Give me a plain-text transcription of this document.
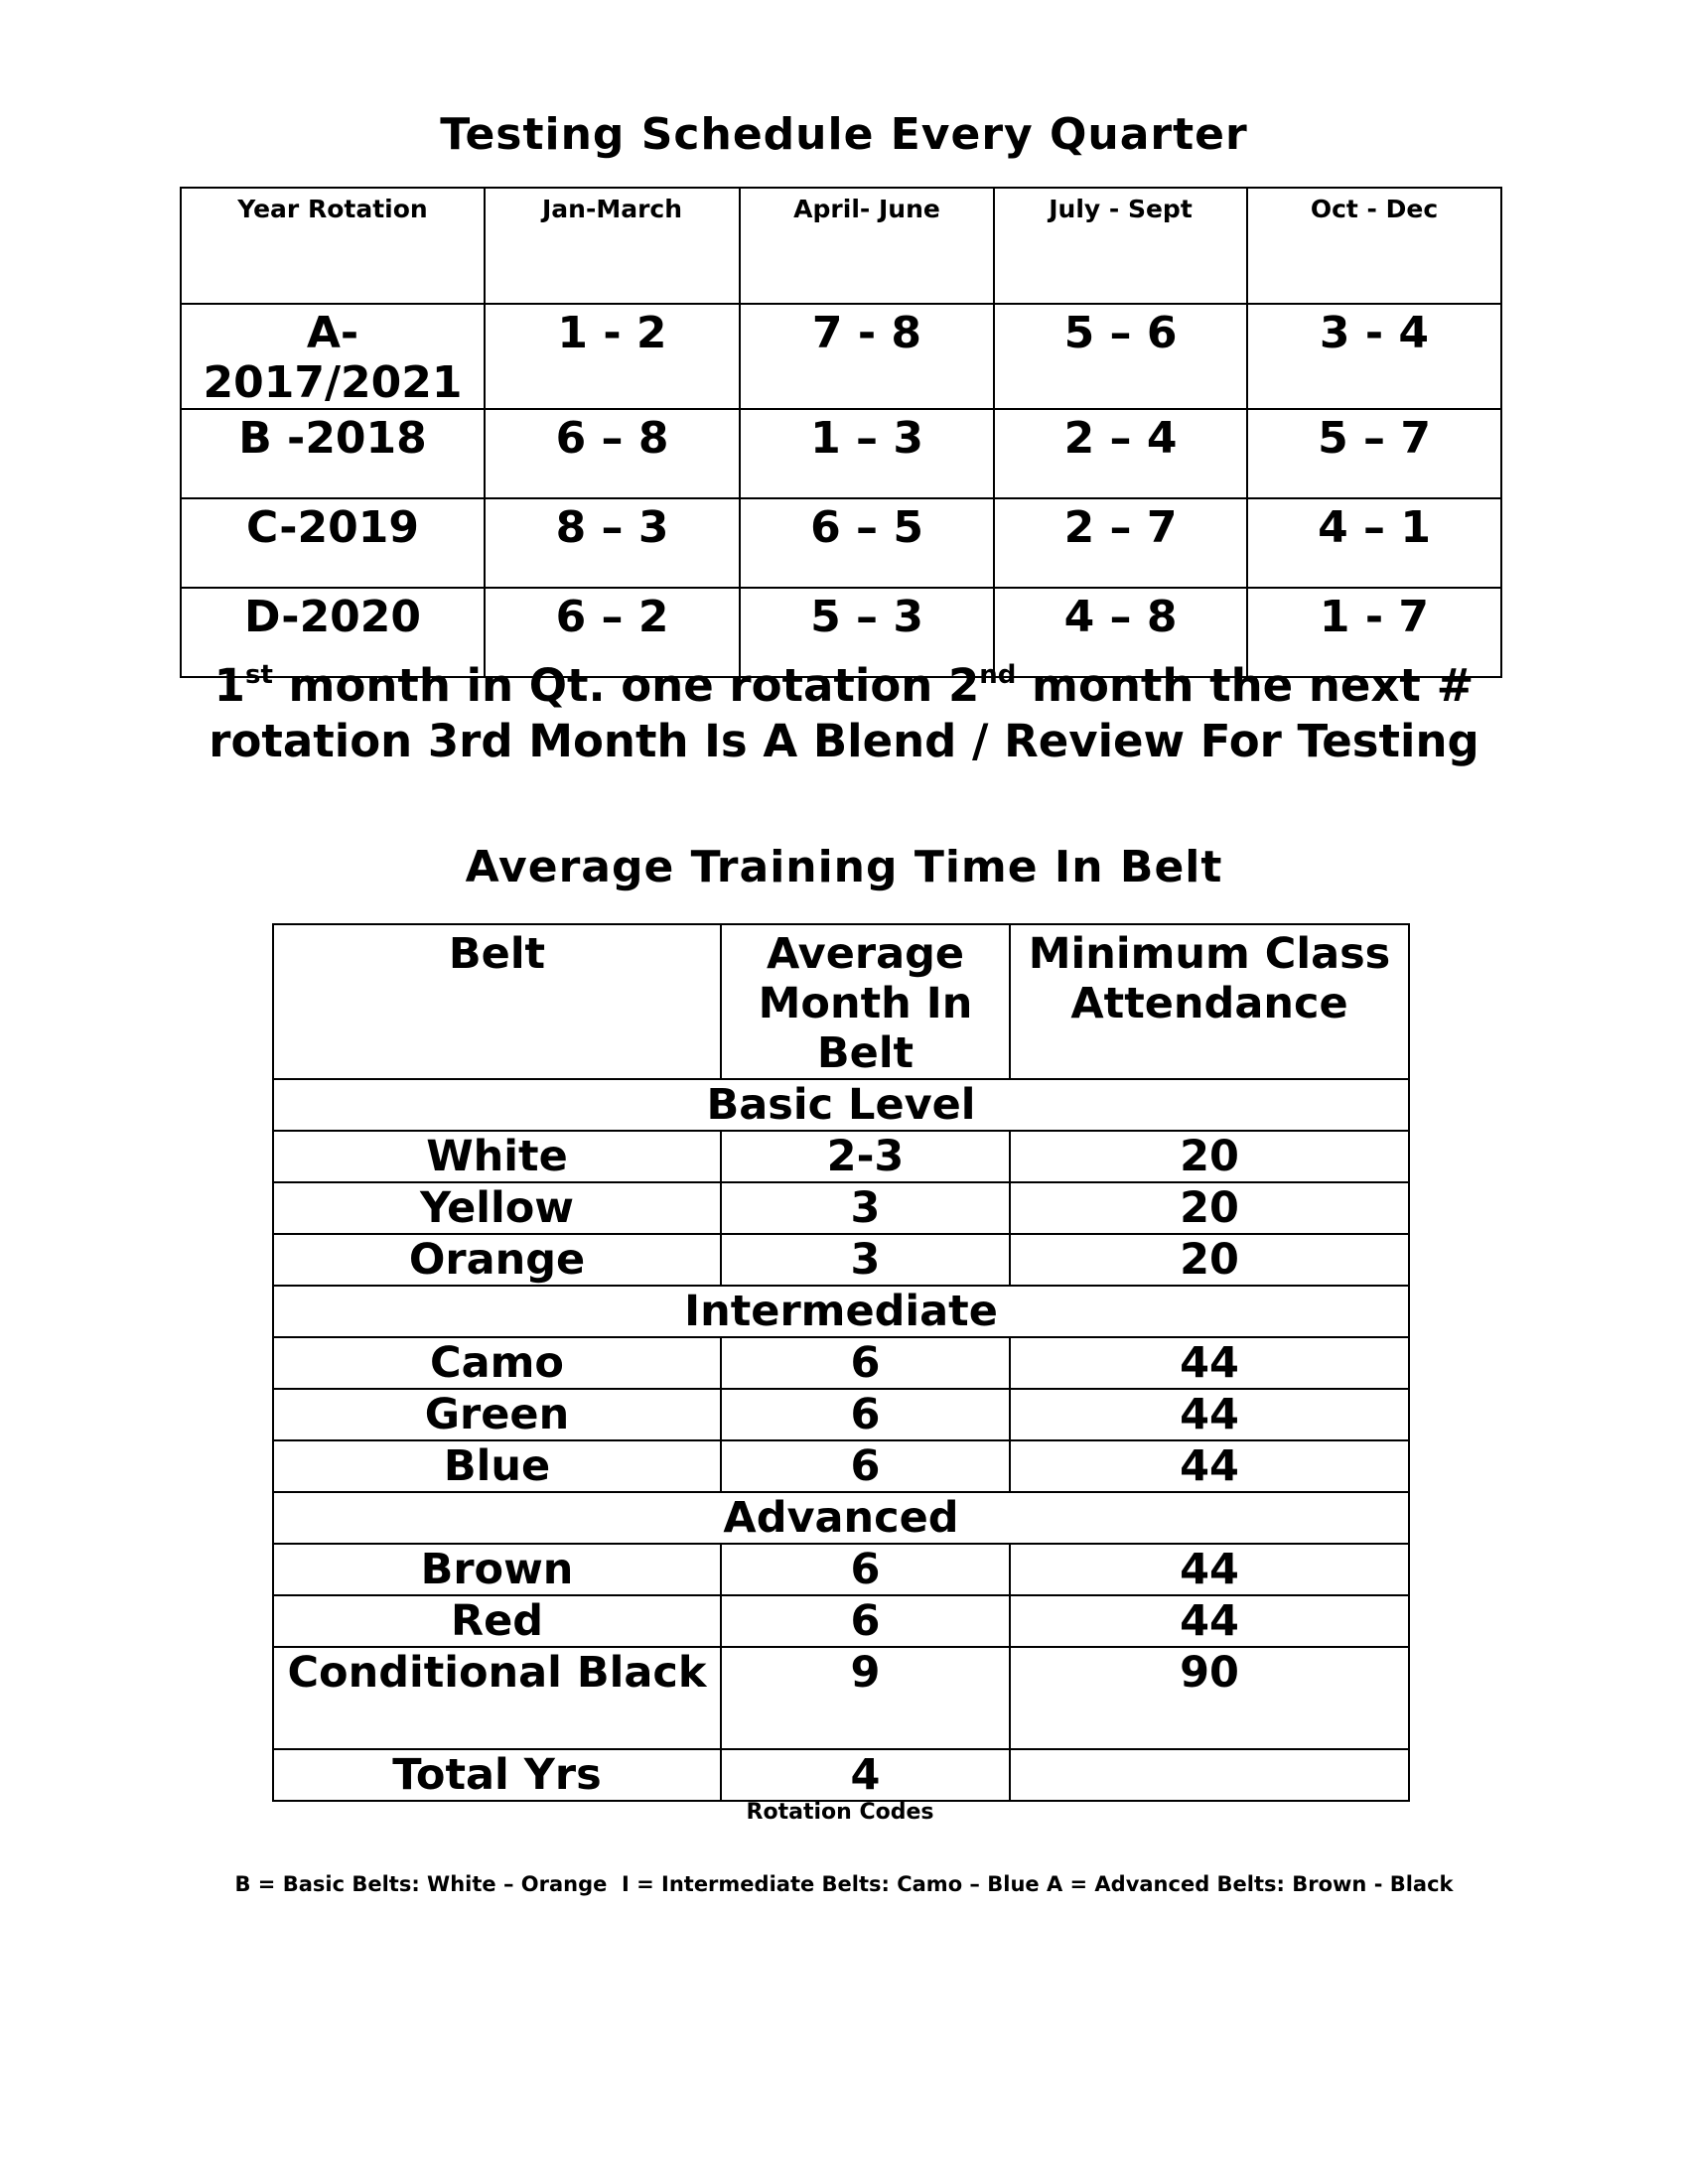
Testing Schedule Every Quarter
Year Rotation	Jan-March	April- June	July - Sept	Oct - Dec
A-
2017/2021	1 - 2	7 - 8	5 – 6	3 - 4
B -2018	6 – 8	1 – 3	2 – 4	5 – 7
C-2019	8 – 3	6 – 5	2 – 7	4 – 1
D-2020	6 – 2	5 – 3	4 – 8	1 - 7
1st month in Qt. one rotation 2nd month the next #
rotation 3rd Month Is A Blend / Review For Testing
Average Training Time In Belt
Belt	Average Month In Belt	Minimum Class Attendance
Basic Level		
White	2-3	20
Yellow	3	20
Orange	3	20
Intermediate		
Camo	6	44
Green	6	44
Blue	6	44
Advanced		
Brown	6	44
Red	6	44
Conditional Black	9	90
Total Yrs	4	
Rotation Codes
B = Basic Belts: White – Orange  I = Intermediate Belts: Camo – Blue A = Advanced Belts: Brown - Black
